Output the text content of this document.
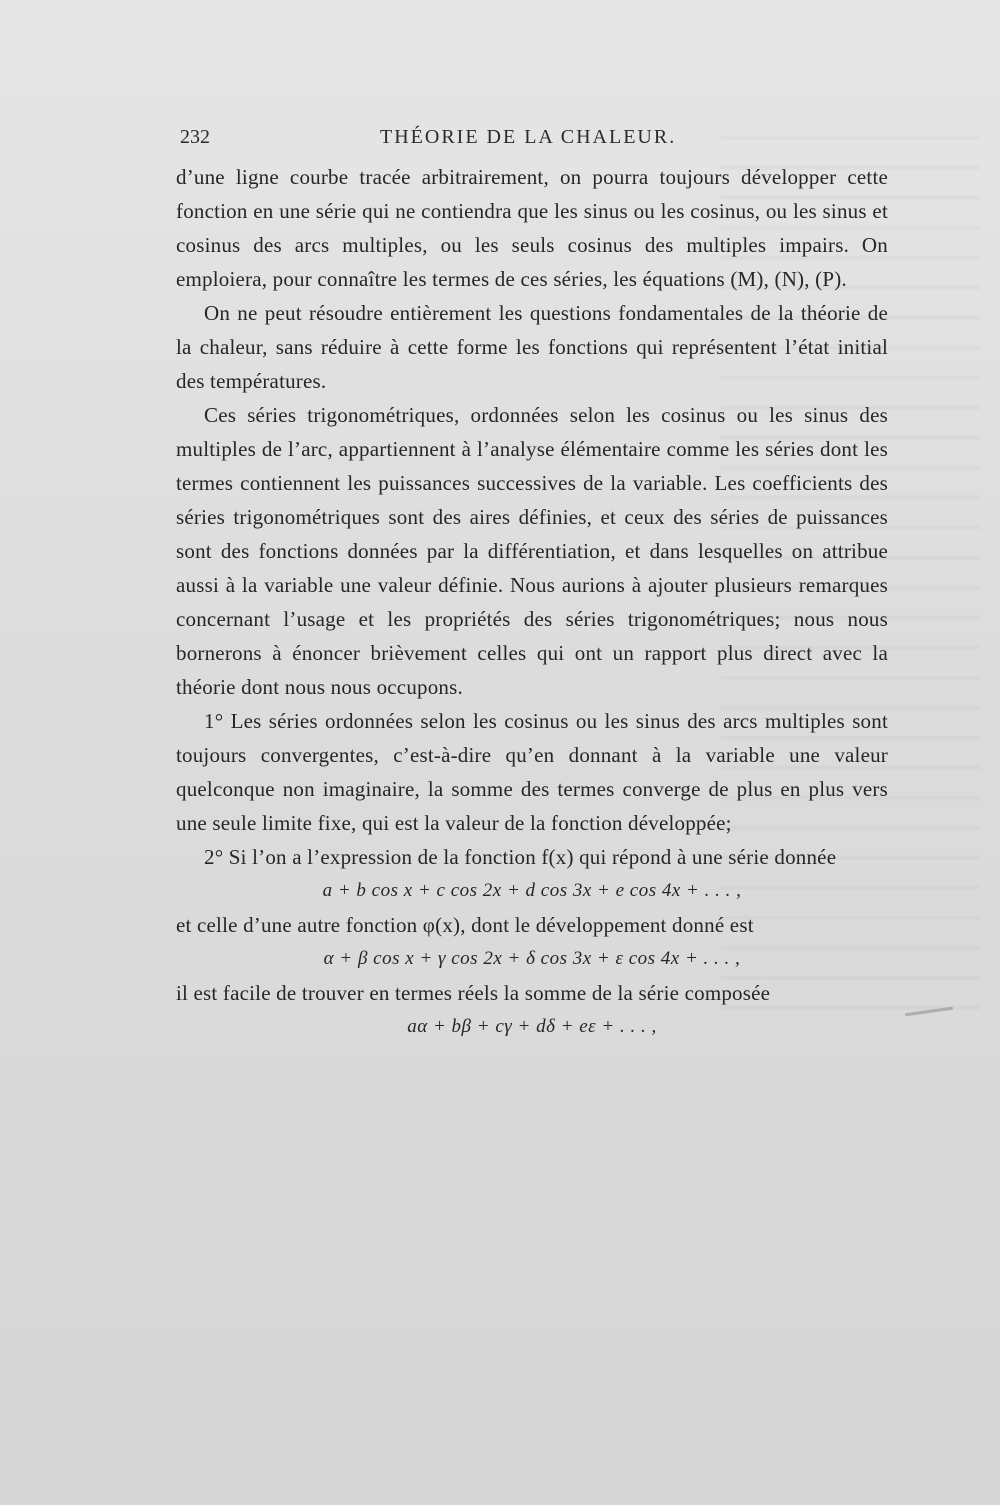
232	THÉORIE DE LA CHALEUR.

d’une ligne courbe tracée arbitrairement, on pourra toujours développer cette fonction en une série qui ne contiendra que les sinus ou les cosinus, ou les sinus et cosinus des arcs multiples, ou les seuls cosinus des multiples impairs. On emploiera, pour connaître les termes de ces séries, les équations (M), (N), (P).

On ne peut résoudre entièrement les questions fondamentales de la théorie de la chaleur, sans réduire à cette forme les fonctions qui représentent l’état initial des températures.

Ces séries trigonométriques, ordonnées selon les cosinus ou les sinus des multiples de l’arc, appartiennent à l’analyse élémentaire comme les séries dont les termes contiennent les puissances successives de la variable. Les coefficients des séries trigonométriques sont des aires définies, et ceux des séries de puissances sont des fonctions données par la différentiation, et dans lesquelles on attribue aussi à la variable une valeur définie. Nous aurions à ajouter plusieurs remarques concernant l’usage et les propriétés des séries trigonométriques; nous nous bornerons à énoncer brièvement celles qui ont un rapport plus direct avec la théorie dont nous nous occupons.

1° Les séries ordonnées selon les cosinus ou les sinus des arcs multiples sont toujours convergentes, c’est-à-dire qu’en donnant à la variable une valeur quelconque non imaginaire, la somme des termes converge de plus en plus vers une seule limite fixe, qui est la valeur de la fonction développée;

2° Si l’on a l’expression de la fonction f(x) qui répond à une série donnée

a + b cos x + c cos 2x + d cos 3x + e cos 4x + . . . ,

et celle d’une autre fonction φ(x), dont le développement donné est

α + β cos x + γ cos 2x + δ cos 3x + ε cos 4x + . . . ,

il est facile de trouver en termes réels la somme de la série composée

aα + bβ + cγ + dδ + eε + . . . ,
